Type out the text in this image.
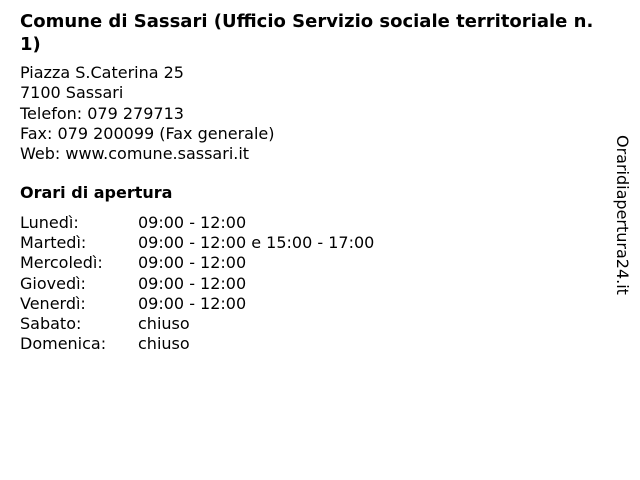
Comune di Sassari (Ufficio Servizio sociale territoriale n. 1)
Piazza S.Caterina 25
7100 Sassari
Telefon: 079 279713
Fax: 079 200099 (Fax generale)
Web: www.comune.sassari.it
Orari di apertura
Lunedì:	09:00 - 12:00
Martedì:	09:00 - 12:00 e 15:00 - 17:00
Mercoledì: 09:00 - 12:00
Giovedì:	09:00 - 12:00
Venerdì:	09:00 - 12:00
Sabato:	chiuso
Domenica: chiuso
Oraridiapertura24.it
